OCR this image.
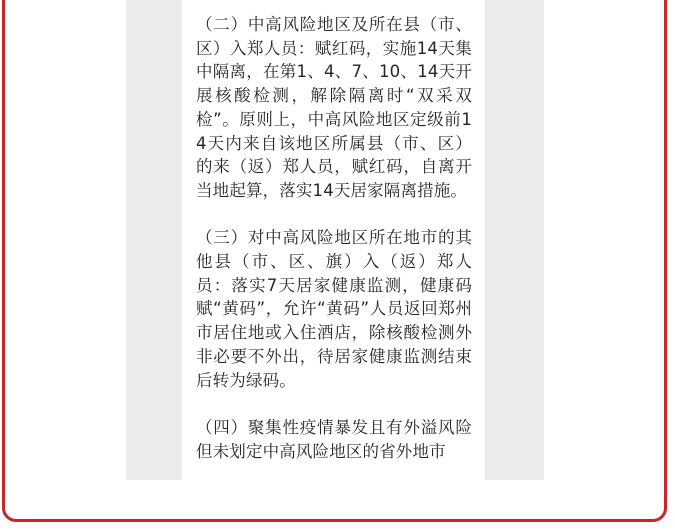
（二）中高风险地区及所在县（市、区）入郑人员：赋红码，实施14天集中隔离，在第1、4、7、10、14天开展核酸检测，解除隔离时“双采双检”。原则上，中高风险地区定级前14天内来自该地区所属县（市、区）的来（返）郑人员，赋红码，自离开当地起算，落实14天居家隔离措施。

（三）对中高风险地区所在地市的其他县（市、区、旗）入（返）郑人员：落实7天居家健康监测，健康码赋“黄码”，允许“黄码”人员返回郑州市居住地或入住酒店，除核酸检测外非必要不外出，待居家健康监测结束后转为绿码。

（四）聚集性疫情暴发且有外溢风险但未划定中高风险地区的省外地市
